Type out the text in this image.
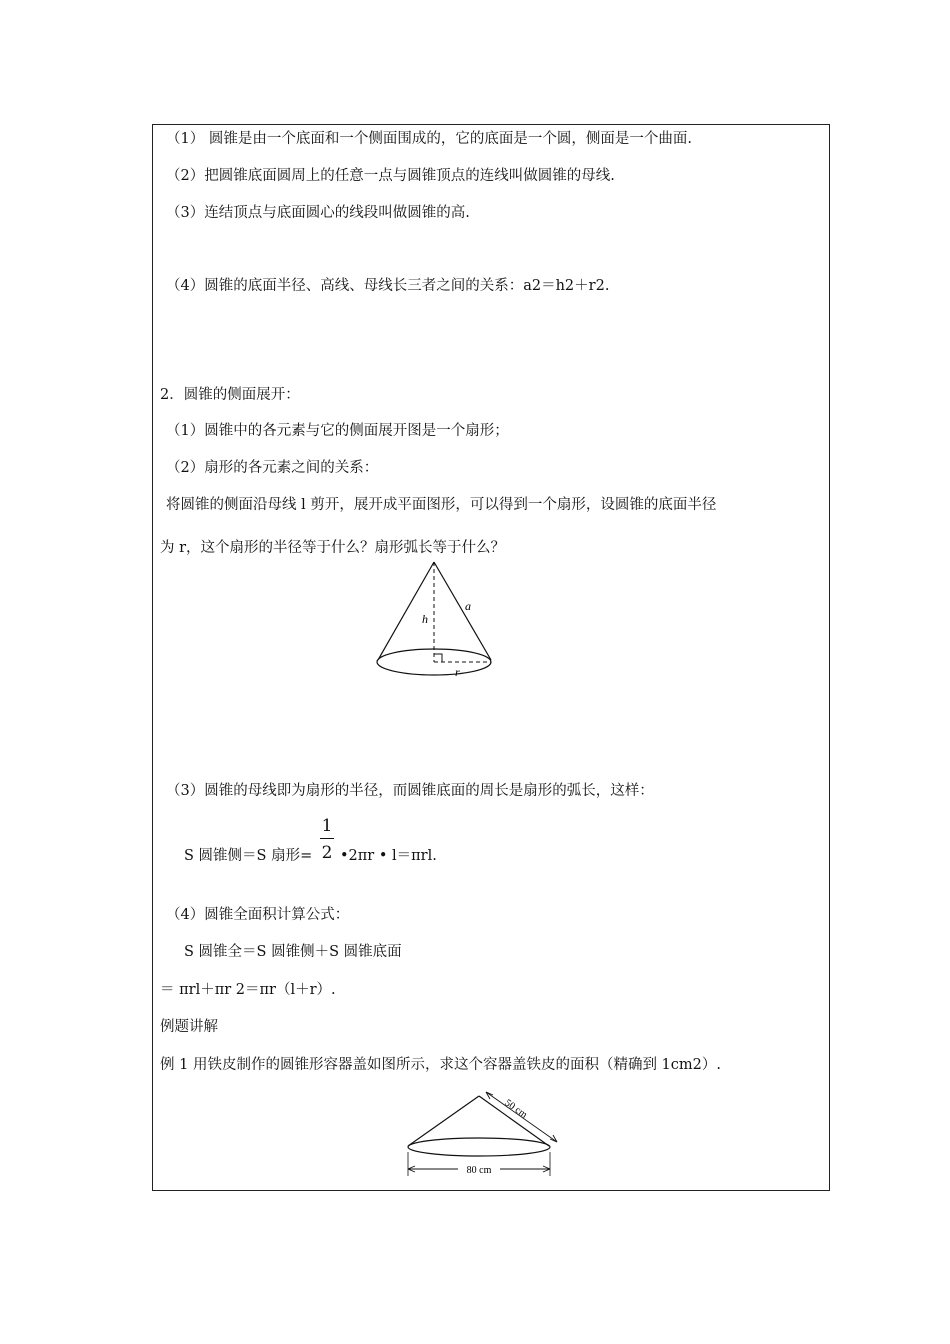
（1） 圆锥是由一个底面和一个侧面围成的，它的底面是一个圆，侧面是一个曲面.
（2）把圆锥底面圆周上的任意一点与圆锥顶点的连线叫做圆锥的母线.
（3）连结顶点与底面圆心的线段叫做圆锥的高.
（4）圆锥的底面半径、高线、母线长三者之间的关系：a2＝h2＋r2.
2．圆锥的侧面展开：
（1）圆锥中的各元素与它的侧面展开图是一个扇形；
（2）扇形的各元素之间的关系：
将圆锥的侧面沿母线 l 剪开，展开成平面图形，可以得到一个扇形，设圆锥的底面半径
为 r，这个扇形的半径等于什么？扇形弧长等于什么？
h
a
r
（3）圆锥的母线即为扇形的半径，而圆锥底面的周长是扇形的弧长，这样：
S 圆锥侧＝S 扇形=
1
2 •2πr • l＝πrl.
（4）圆锥全面积计算公式：
S 圆锥全＝S 圆锥侧＋S 圆锥底面
＝ πrl＋πr 2＝πr（l＋r）.
例题讲解
例 1 用铁皮制作的圆锥形容器盖如图所示，求这个容器盖铁皮的面积（精确到 1cm2）.
50 cm
80 cm
